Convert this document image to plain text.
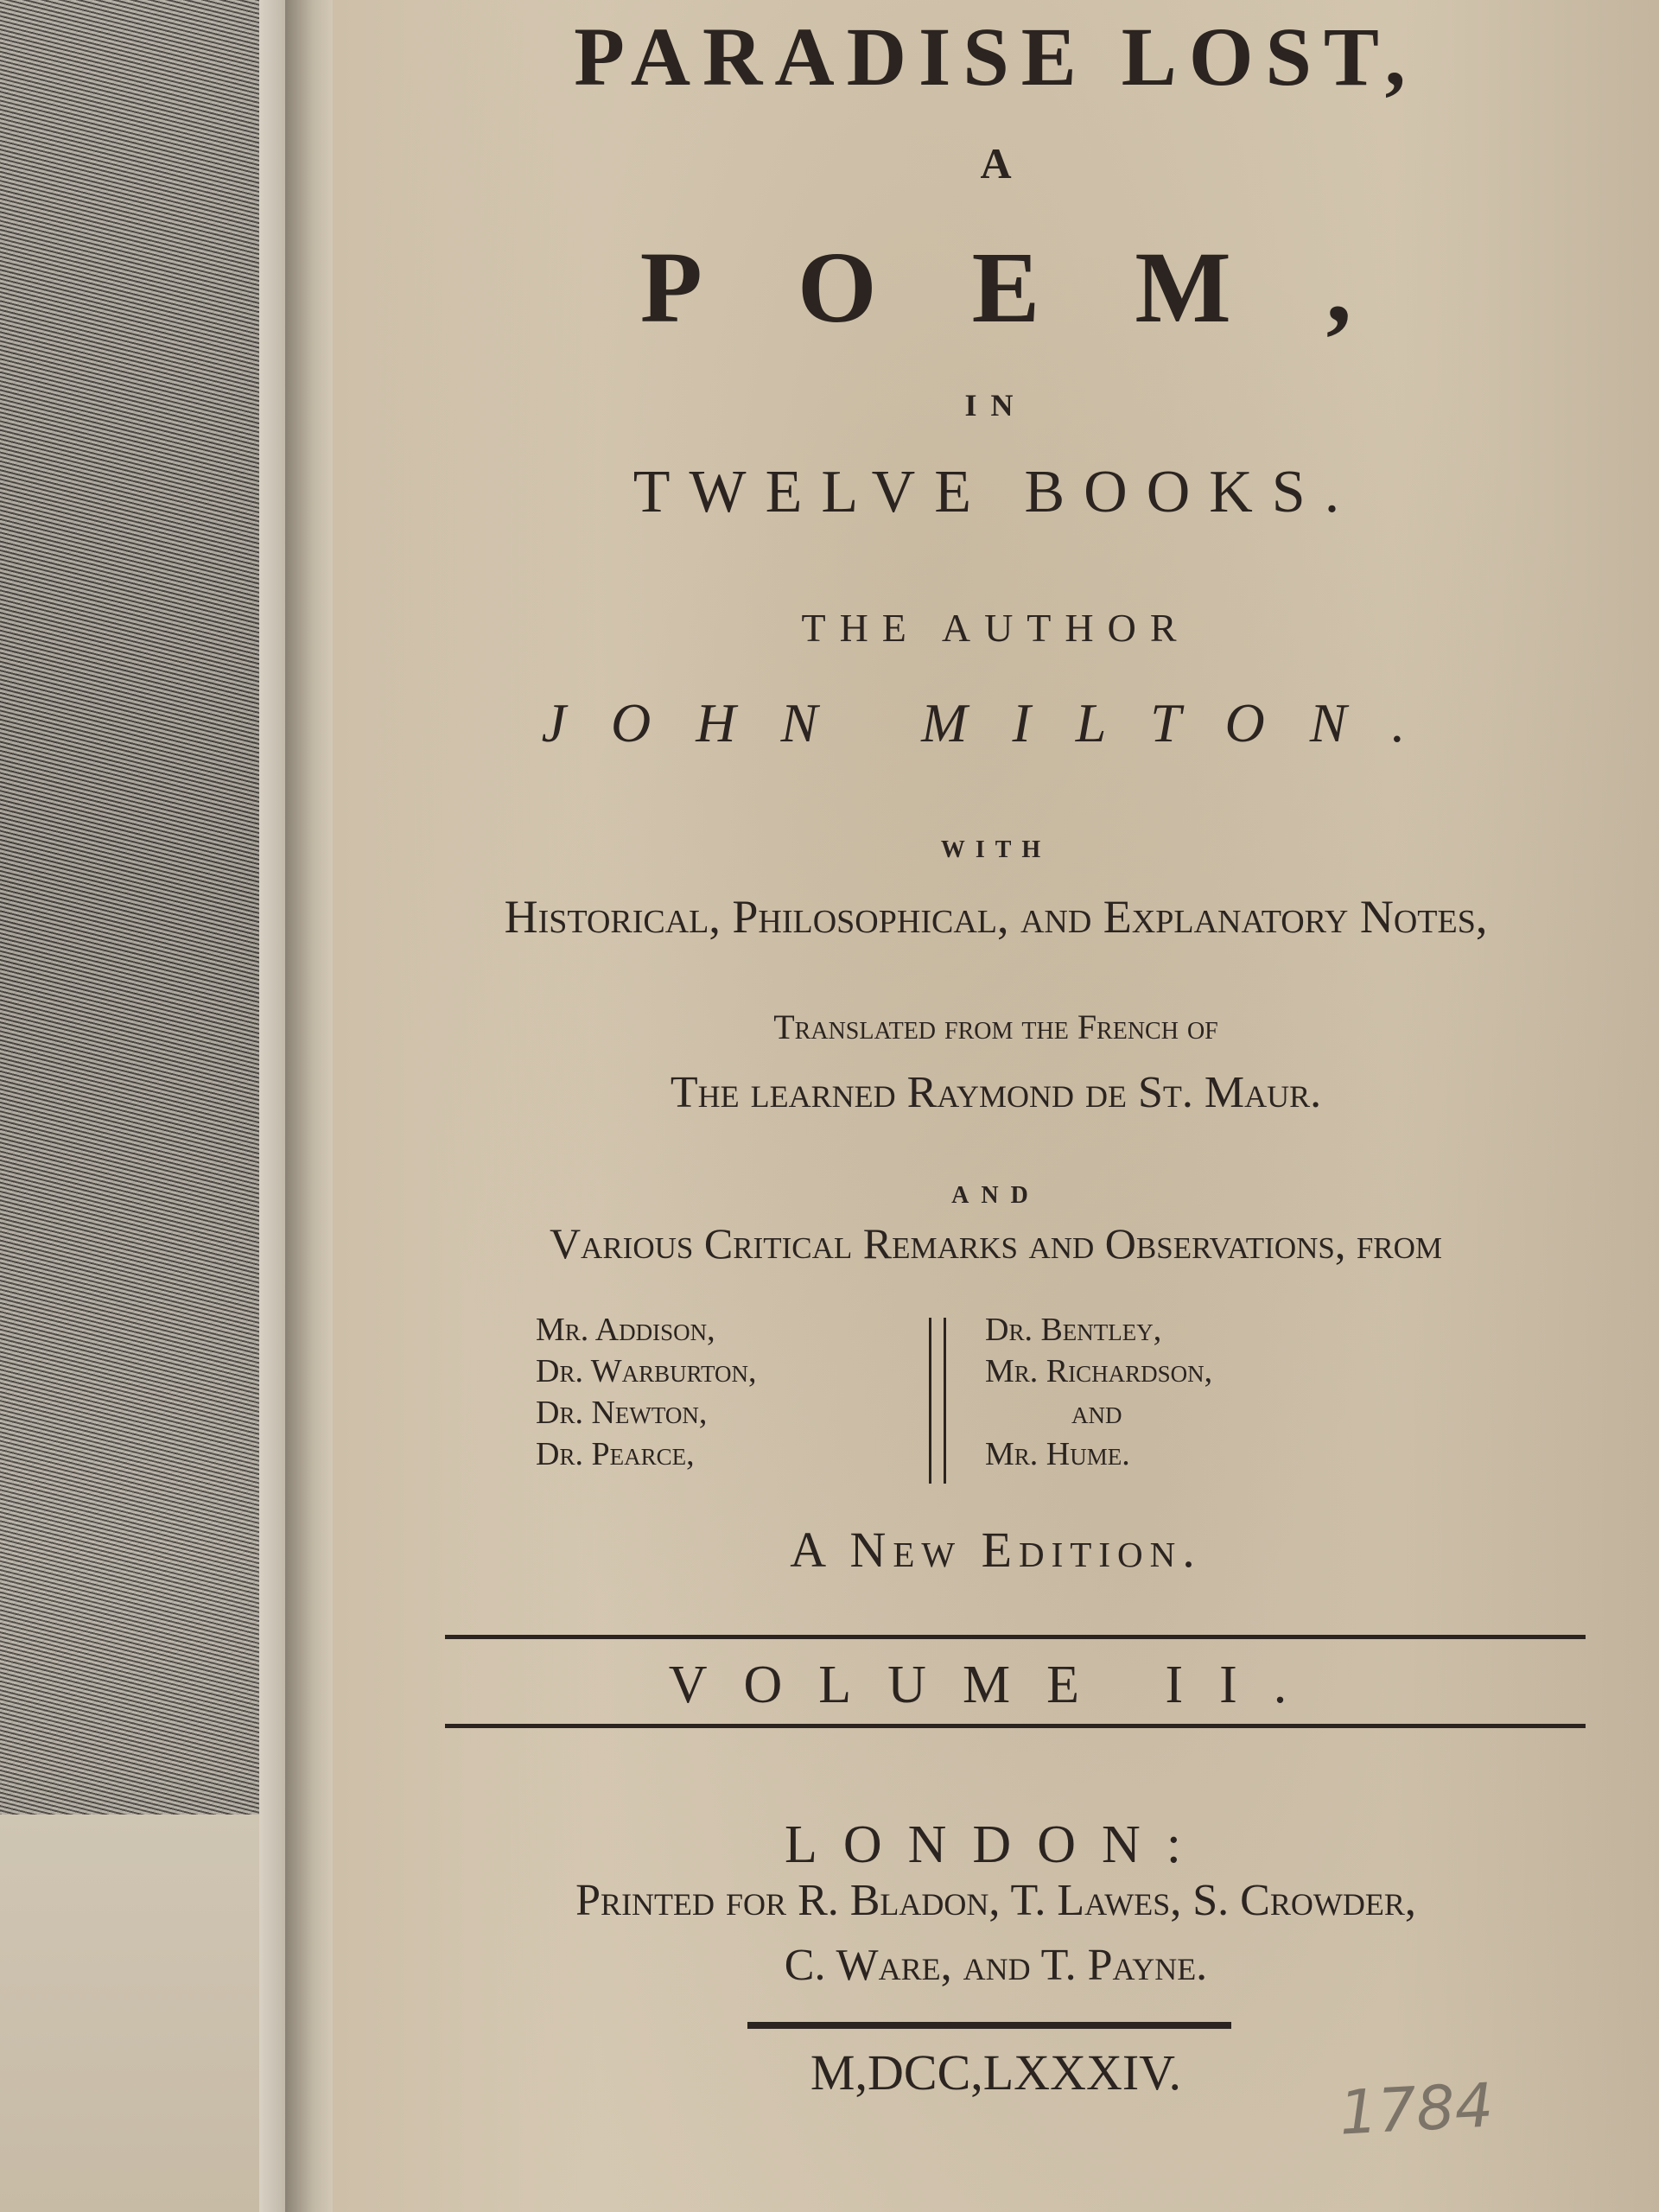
PARADISE LOST,
A
POEM,
IN
TWELVE BOOKS.
THE AUTHOR
JOHN MILTON.
WITH
Hiſtorical, Philoſophical, and Explanatory Notes,
Tranſlated from the French of
The learned Raymond de St. Maur.
AND
Various Critical Remarks and Observations, from
Mr. Addison,
Dr. Warburton,
Dr. Newton,
Dr. Pearce,
Dr. Bentley,
Mr. Richardson,
and
Mr. Hume.
A New Edition.
VOLUME II.
LONDON:
Printed for R. Bladon, T. Lawes, S. Crowder,
C. Ware, and T. Payne.
M,DCC,LXXXIV.	1784
